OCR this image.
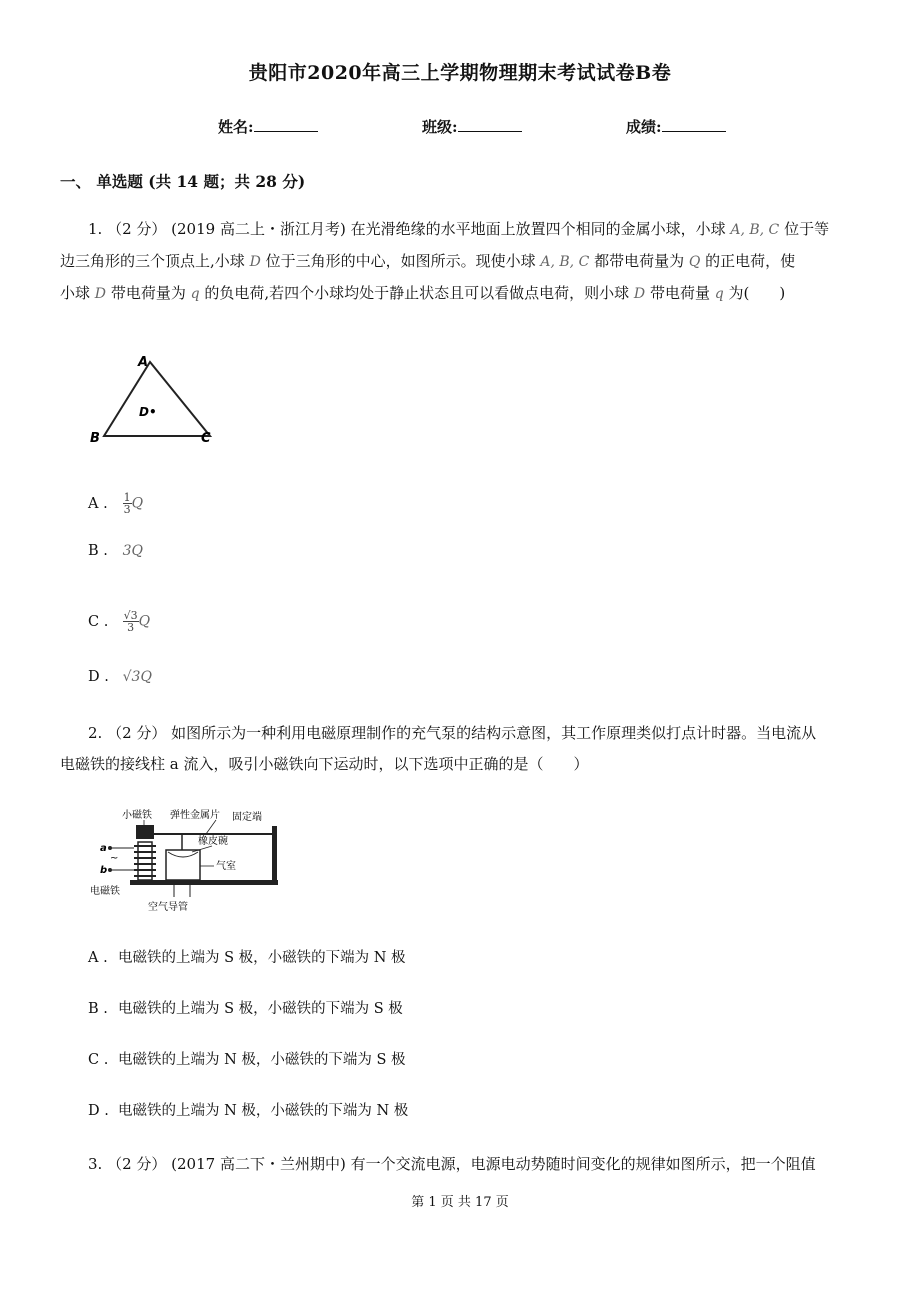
贵阳市2020年高三上学期物理期末考试试卷B卷
姓名:	班级:	成绩:
一、 单选题 (共 14 题；共 28 分)
1. （2 分） (2019 高二上・浙江月考) 在光滑绝缘的水平地面上放置四个相同的金属小球，小球 A, B, C 位于等
边三角形的三个顶点上,小球 D 位于三角形的中心，如图所示。现使小球 A, B, C 都带电荷量为 Q 的正电荷，使
小球 D 带电荷量为 q 的负电荷,若四个小球均处于静止状态且可以看做点电荷，则小球 D 带电荷量 q 为(　　)
A
B	C
D•
A . $\frac{1}{3}$ Q
B . 3Q
C . $\frac{√3}{3}$ Q
D . √3Q
2. （2 分） 如图所示为一种利用电磁原理制作的充气泵的结构示意图，其工作原理类似打点计时器。当电流从
电磁铁的接线柱 a 流入，吸引小磁铁向下运动时，以下选项中正确的是（　　）
~
小磁铁 弹性金属片 固定端
橡皮碗
气室
a
b
电磁铁
空气导管
A . 电磁铁的上端为 S 极，小磁铁的下端为 N 极
B . 电磁铁的上端为 S 极，小磁铁的下端为 S 极
C . 电磁铁的上端为 N 极，小磁铁的下端为 S 极
D . 电磁铁的上端为 N 极，小磁铁的下端为 N 极
3. （2 分） (2017 高二下・兰州期中) 有一个交流电源，电源电动势随时间变化的规律如图所示，把一个阻值
第 1 页 共 17 页
